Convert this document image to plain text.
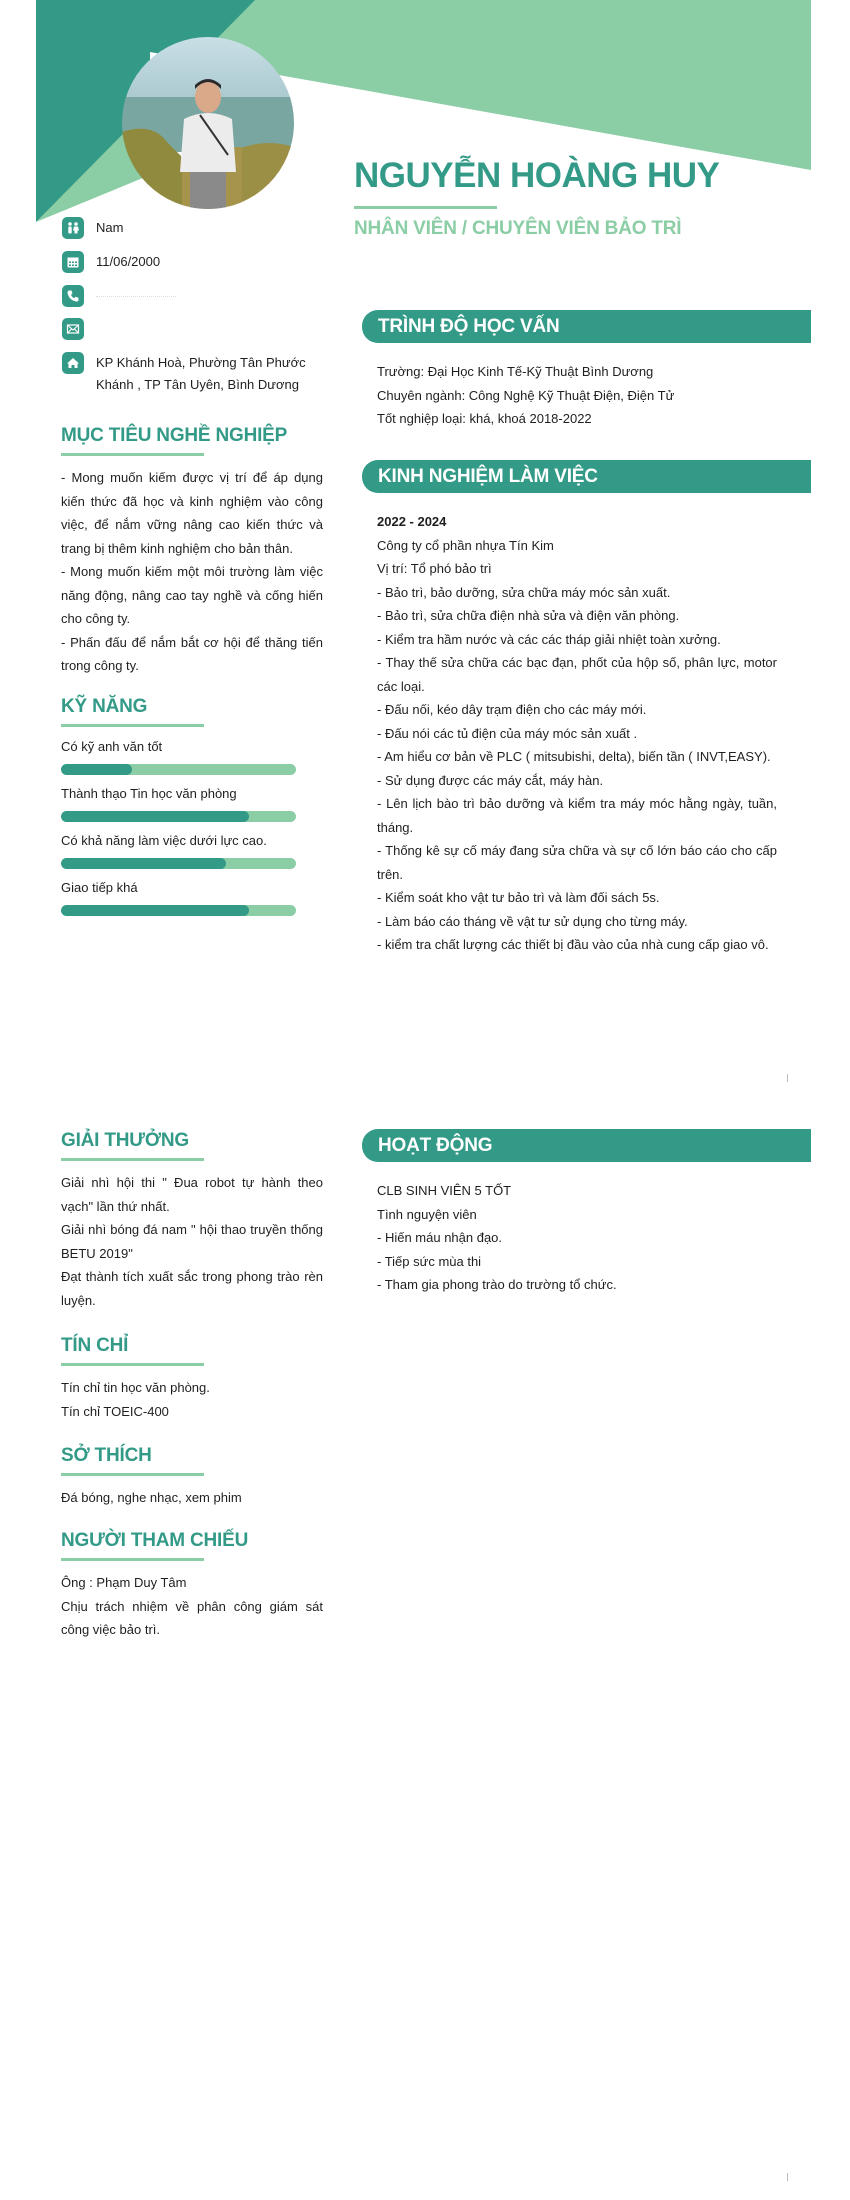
NGUYỄN HOÀNG HUY
NHÂN VIÊN / CHUYÊN VIÊN BẢO TRÌ
Nam
11/06/2000
KP Khánh Hoà, Phường Tân Phước Khánh , TP Tân Uyên, Bình Dương
MỤC TIÊU NGHỀ NGHIỆP

- Mong muốn kiếm được vị trí để áp dụng kiến thức đã học và kinh nghiệm vào công việc, để nắm vững nâng cao kiến thức và trang bị thêm kinh nghiệm cho bản thân.

- Mong muốn kiếm một môi trường làm việc năng động, nâng cao tay nghề và cống hiến cho công ty.

- Phấn đấu để nắm bắt cơ hội để thăng tiến trong công ty.

KỸ NĂNG
Có kỹ anh văn tốt
Thành thạo Tin học văn phòng
Có khả năng làm việc dưới lực cao.
Giao tiếp khá
TRÌNH ĐỘ HỌC VẤN
Trường: Đại Học Kinh Tế-Kỹ Thuật Bình Dương
Chuyên ngành: Công Nghệ Kỹ Thuật Điện, Điện Tử
Tốt nghiệp loại: khá, khoá 2018-2022
KINH NGHIỆM LÀM VIỆC
2022 - 2024
Công ty cổ phần nhựa Tín Kim
Vị trí: Tổ phó bảo trì
- Bảo trì, bảo dưỡng, sửa chữa máy móc sản xuất.
- Bảo trì, sửa chữa điện nhà sửa và điện văn phòng.
- Kiểm tra hầm nước và các các tháp giải nhiệt toàn xưởng.
- Thay thế sửa chữa các bạc đạn, phốt của hộp số, phân lực, motor các loại.
- Đấu nối, kéo dây trạm điện cho các máy mới.
- Đấu nói các tủ điện của máy móc sản xuất .
- Am hiểu cơ bản về PLC ( mitsubishi, delta), biến tần ( INVT,EASY).
- Sử dụng được các máy cắt, máy hàn.
- Lên lịch bào trì bảo dưỡng và kiểm tra máy móc hằng ngày, tuần, tháng.
- Thống kê sự cố máy đang sửa chữa và sự cố lớn báo cáo cho cấp trên.
- Kiểm soát kho vật tư bảo trì và làm đối sách 5s.
- Làm báo cáo tháng về vật tư sử dụng cho từng máy.
- kiểm tra chất lượng các thiết bị đầu vào của nhà cung cấp giao vô.
GIẢI THƯỞNG

Giải nhì hội thi " Đua robot tự hành theo vạch" lần thứ nhất.

Giải nhì bóng đá nam " hội thao truyền thống BETU 2019"

Đạt thành tích xuất sắc trong phong trào rèn luyện.

TÍN CHỈ

Tín chỉ tin học văn phòng.

Tín chỉ TOEIC-400

SỞ THÍCH

Đá bóng, nghe nhạc, xem phim

NGƯỜI THAM CHIẾU

Ông : Phạm Duy Tâm

Chịu trách nhiệm về phân công giám sát công việc bảo trì.

HOẠT ĐỘNG
CLB SINH VIÊN 5 TỐT
Tình nguyện viên
- Hiến máu nhận đạo.
- Tiếp sức mùa thi
- Tham gia phong trào do trường tổ chức.
